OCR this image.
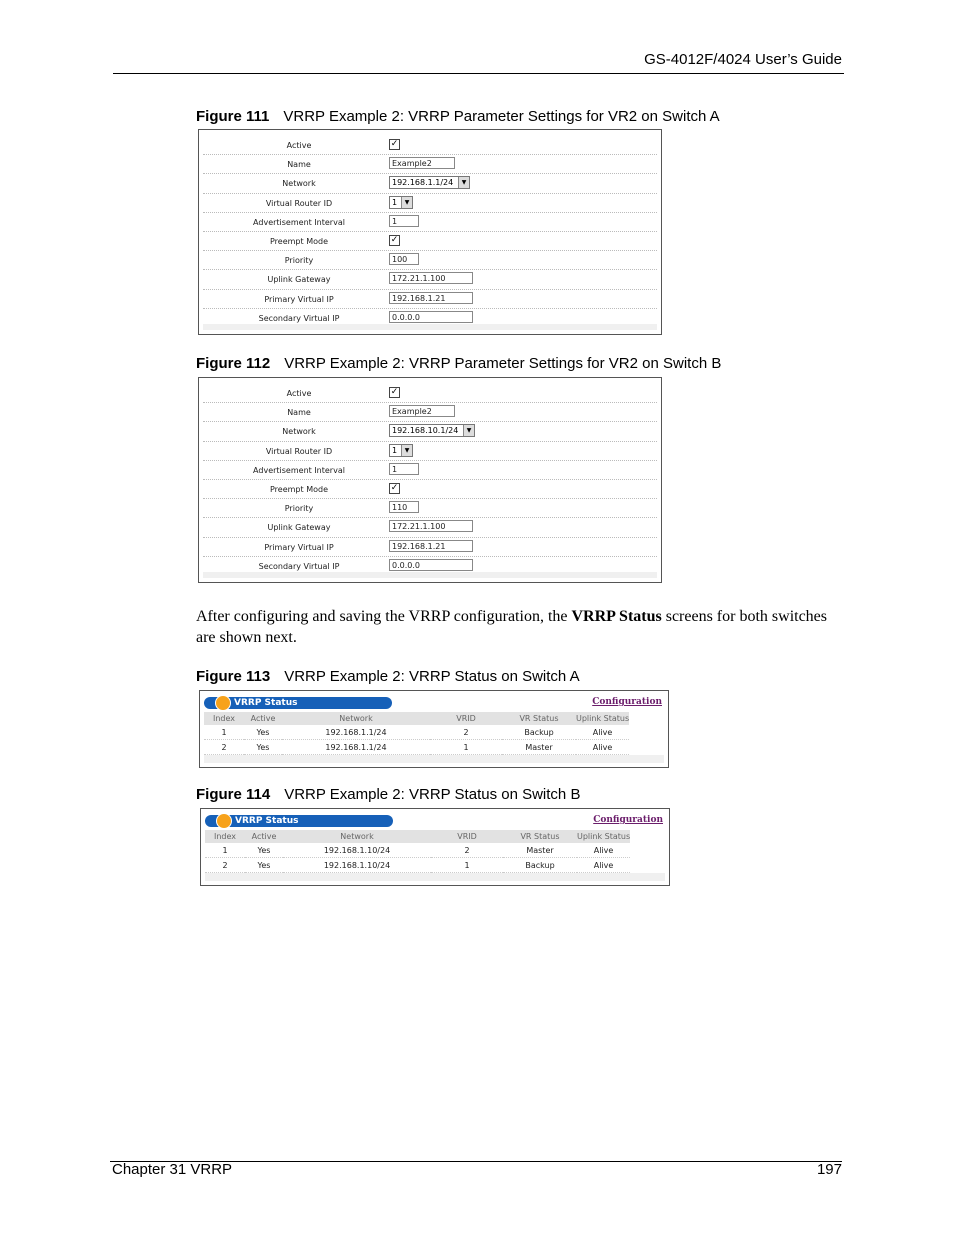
GS-4012F/4024 User’s Guide
Figure 111 VRRP Example 2: VRRP Parameter Settings for VR2 on Switch A
Active	✓
Name	Example2
Network	192.168.1.1/24	▼
Virtual Router ID	1	▼
Advertisement Interval	1
Preempt Mode	✓
Priority	100
Uplink Gateway	172.21.1.100
Primary Virtual IP	192.168.1.21
Secondary Virtual IP	0.0.0.0
Figure 112 VRRP Example 2: VRRP Parameter Settings for VR2 on Switch B
Active	✓
Name	Example2
Network	192.168.10.1/24	▼
Virtual Router ID	1	▼
Advertisement Interval	1
Preempt Mode	✓
Priority	110
Uplink Gateway	172.21.1.100
Primary Virtual IP	192.168.1.21
Secondary Virtual IP	0.0.0.0
After configuring and saving the VRRP configuration, the VRRP Status screens for both switches are shown next.
Figure 113 VRRP Example 2: VRRP Status on Switch A
VRRP Status	Configuration
Index	Active	Network	VRID	VR Status	Uplink Status
1	Yes	192.168.1.1/24	2	Backup	Alive
2	Yes	192.168.1.1/24	1	Master	Alive
Figure 114 VRRP Example 2: VRRP Status on Switch B
VRRP Status	Configuration
Index	Active	Network	VRID	VR Status	Uplink Status
1	Yes	192.168.1.10/24	2	Master	Alive
2	Yes	192.168.1.10/24	1	Backup	Alive
Chapter 31 VRRP	197
